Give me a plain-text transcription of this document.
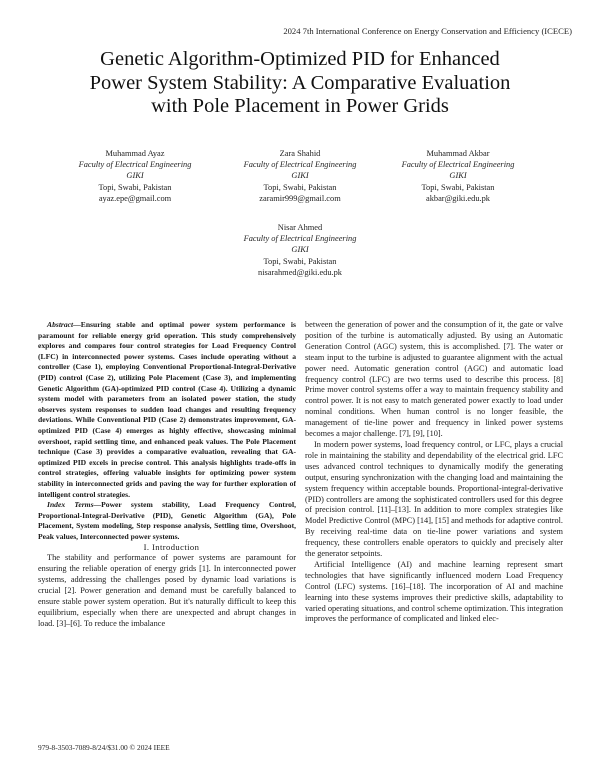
2024 7th International Conference on Energy Conservation and Efficiency (ICECE)
Genetic Algorithm-Optimized PID for Enhanced
Power System Stability: A Comparative Evaluation
with Pole Placement in Power Grids
Muhammad Ayaz
Faculty of Electrical Engineering
GIKI
Topi, Swabi, Pakistan
ayaz.epe@gmail.com
Zara Shahid
Faculty of Electrical Engineering
GIKI
Topi, Swabi, Pakistan
zaramir999@gmail.com
Muhammad Akbar
Faculty of Electrical Engineering
GIKI
Topi, Swabi, Pakistan
akbar@giki.edu.pk
Nisar Ahmed
Faculty of Electrical Engineering
GIKI
Topi, Swabi, Pakistan
nisarahmed@giki.edu.pk

Abstract—Ensuring stable and optimal power system performance is paramount for reliable energy grid operation. This study comprehensively explores and compares four control strategies for Load Frequency Control (LFC) in interconnected power systems. Cases include operating without a controller (Case 1), employing Conventional Proportional-Integral-Derivative (PID) control (Case 2), utilizing Pole Placement (Case 3), and implementing Genetic Algorithm (GA)-optimized PID control (Case 4). Utilizing a dynamic system model with parameters from an isolated power station, the study observes system responses to sudden load changes and resulting frequency deviations. While Conventional PID (Case 2) demonstrates improvement, GA-optimized PID (Case 4) emerges as highly effective, showcasing minimal overshoot, rapid settling time, and enhanced peak values. The Pole Placement technique (Case 3) provides a comparative evaluation, revealing that GA-optimized PID excels in precise control. This analysis highlights trade-offs in control strategies, offering valuable insights for optimizing power system stability in interconnected grids and paving the way for further exploration of intelligent control strategies.

Index Terms—Power system stability, Load Frequency Control, Proportional-Integral-Derivative (PID), Genetic Algorithm (GA), Pole Placement, System modeling, Step response analysis, Settling time, Overshoot, Peak values, Interconnected power systems.

I. Introduction

The stability and performance of power systems are paramount for ensuring the reliable operation of energy grids [1]. In interconnected power systems, addressing the challenges posed by dynamic load variations is crucial [2]. Power generation and demand must be carefully balanced to ensure stable power system operation. But it's naturally difficult to keep this equilibrium, especially when there are unexpected and abrupt changes in load. [3]–[6]. To reduce the imbalance

between the generation of power and the consumption of it, the gate or valve position of the turbine is automatically adjusted. By using an Automatic Generation Control (AGC) system, this is accomplished. [7]. The water or steam input to the turbine is adjusted to guarantee alignment with the actual power need. Automatic generation control (AGC) and automatic load frequency control (LFC) are two terms used to describe this process. [8] Prime mover control systems offer a way to maintain frequency stability and control power. It is not easy to match generated power exactly to load under nominal conditions. When human control is no longer feasible, the management of tie-line power and frequency in linked power systems becomes a major challenge. [7], [9], [10].

In modern power systems, load frequency control, or LFC, plays a crucial role in maintaining the stability and dependability of the electrical grid. LFC uses advanced control techniques to dynamically modify the generating output, ensuring synchronization with the changing load and maintaining the system frequency within acceptable bounds. Proportional-integral-derivative (PID) controllers are among the sophisticated controllers used for this degree of precision control. [11]–[13]. In addition to more complex strategies like Model Predictive Control (MPC) [14], [15] and methods for adaptive control. By receiving real-time data on tie-line power variations and system frequency, these controllers enable operators to quickly and precisely alter the generator setpoints.

Artificial Intelligence (AI) and machine learning represent smart technologies that have significantly influenced modern Load Frequency Control (LFC) systems. [16]–[18]. The incorporation of AI and machine learning into these systems improves their predictive skills, adaptability to varied operating situations, and control scheme optimization. This integration improves the performance of complicated and linked elec-

979-8-3503-7089-8/24/$31.00 © 2024 IEEE
